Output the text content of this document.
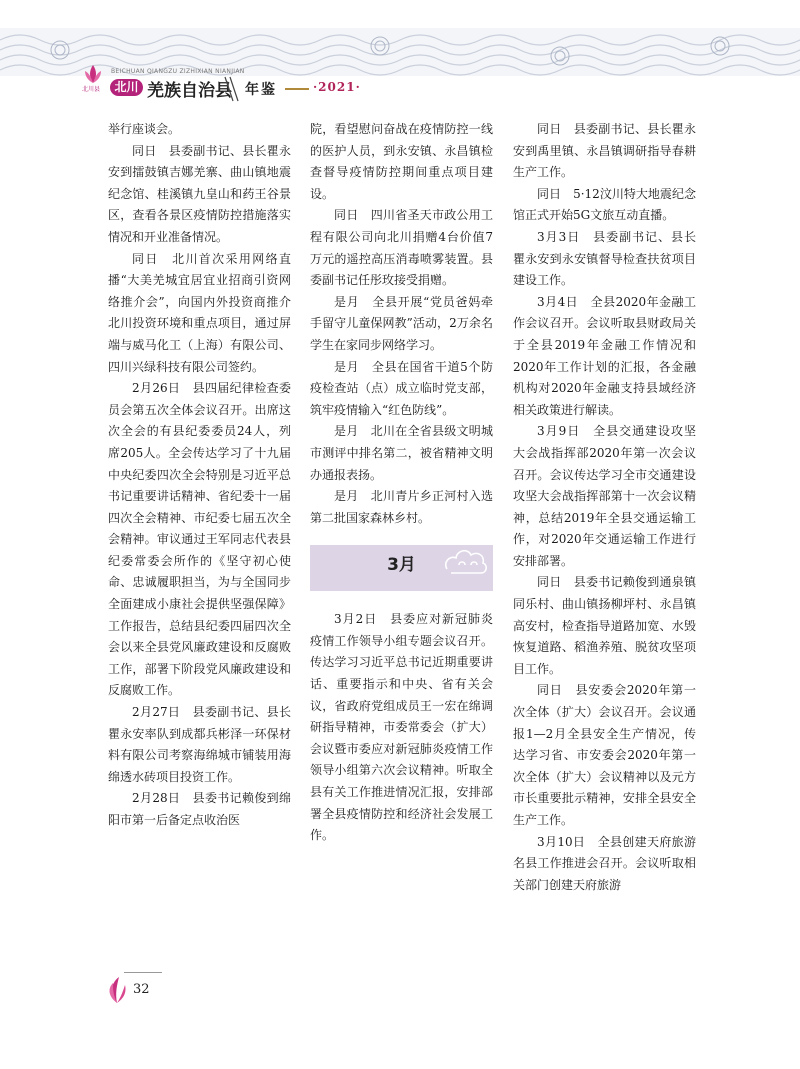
北川县
BEICHUAN QIANGZU ZIZHIXIAN NIANJIAN
北川 羌族自治县 年鉴	·2021·

举行座谈会。

同日　县委副书记、县长瞿永安到擂鼓镇吉娜羌寨、曲山镇地震纪念馆、桂溪镇九皇山和药王谷景区，查看各景区疫情防控措施落实情况和开业准备情况。

同日　北川首次采用网络直播“大美羌城宜居宜业招商引资网络推介会”，向国内外投资商推介北川投资环境和重点项目，通过屏端与威马化工（上海）有限公司、四川兴绿科技有限公司签约。

2月26日　县四届纪律检查委员会第五次全体会议召开。出席这次全会的有县纪委委员24人，列席205人。全会传达学习了十九届中央纪委四次全会特别是习近平总书记重要讲话精神、省纪委十一届四次全会精神、市纪委七届五次全会精神。审议通过王军同志代表县纪委常委会所作的《坚守初心使命、忠诚履职担当，为与全国同步全面建成小康社会提供坚强保障》工作报告，总结县纪委四届四次全会以来全县党风廉政建设和反腐败工作，部署下阶段党风廉政建设和反腐败工作。

2月27日　县委副书记、县长瞿永安率队到成都兵彬泽一环保材料有限公司考察海绵城市铺装用海绵透水砖项目投资工作。

2月28日　县委书记赖俊到绵阳市第一后备定点收治医

院，看望慰问奋战在疫情防控一线的医护人员，到永安镇、永昌镇检查督导疫情防控期间重点项目建设。

同日　四川省圣天市政公用工程有限公司向北川捐赠4台价值7万元的遥控高压消毒喷雾装置。县委副书记任彤玫接受捐赠。

是月　全县开展“党员爸妈牵手留守儿童保网教”活动，2万余名学生在家同步网络学习。

是月　全县在国省干道5个防疫检查站（点）成立临时党支部，筑牢疫情输入“红色防线”。

是月　北川在全省县级文明城市测评中排名第二，被省精神文明办通报表扬。

是月　北川青片乡正河村入选第二批国家森林乡村。

3月

3月2日　县委应对新冠肺炎疫情工作领导小组专题会议召开。传达学习习近平总书记近期重要讲话、重要指示和中央、省有关会议，省政府党组成员王一宏在绵调研指导精神，市委常委会（扩大）会议暨市委应对新冠肺炎疫情工作领导小组第六次会议精神。听取全县有关工作推进情况汇报，安排部署全县疫情防控和经济社会发展工作。

同日　县委副书记、县长瞿永安到禹里镇、永昌镇调研指导春耕生产工作。

同日　5·12汶川特大地震纪念馆正式开始5G文旅互动直播。

3月3日　县委副书记、县长瞿永安到永安镇督导检查扶贫项目建设工作。

3月4日　全县2020年金融工作会议召开。会议听取县财政局关于全县2019年金融工作情况和2020年工作计划的汇报，各金融机构对2020年金融支持县域经济相关政策进行解读。

3月9日　全县交通建设攻坚大会战指挥部2020年第一次会议召开。会议传达学习全市交通建设攻坚大会战指挥部第十一次会议精神，总结2019年全县交通运输工作，对2020年交通运输工作进行安排部署。

同日　县委书记赖俊到通泉镇同乐村、曲山镇扬柳坪村、永昌镇高安村，检查指导道路加宽、水毁恢复道路、稻渔养殖、脱贫攻坚项目工作。

同日　县安委会2020年第一次全体（扩大）会议召开。会议通报1—2月全县安全生产情况，传达学习省、市安委会2020年第一次全体（扩大）会议精神以及元方市长重要批示精神，安排全县安全生产工作。

3月10日　全县创建天府旅游名县工作推进会召开。会议听取相关部门创建天府旅游

32
